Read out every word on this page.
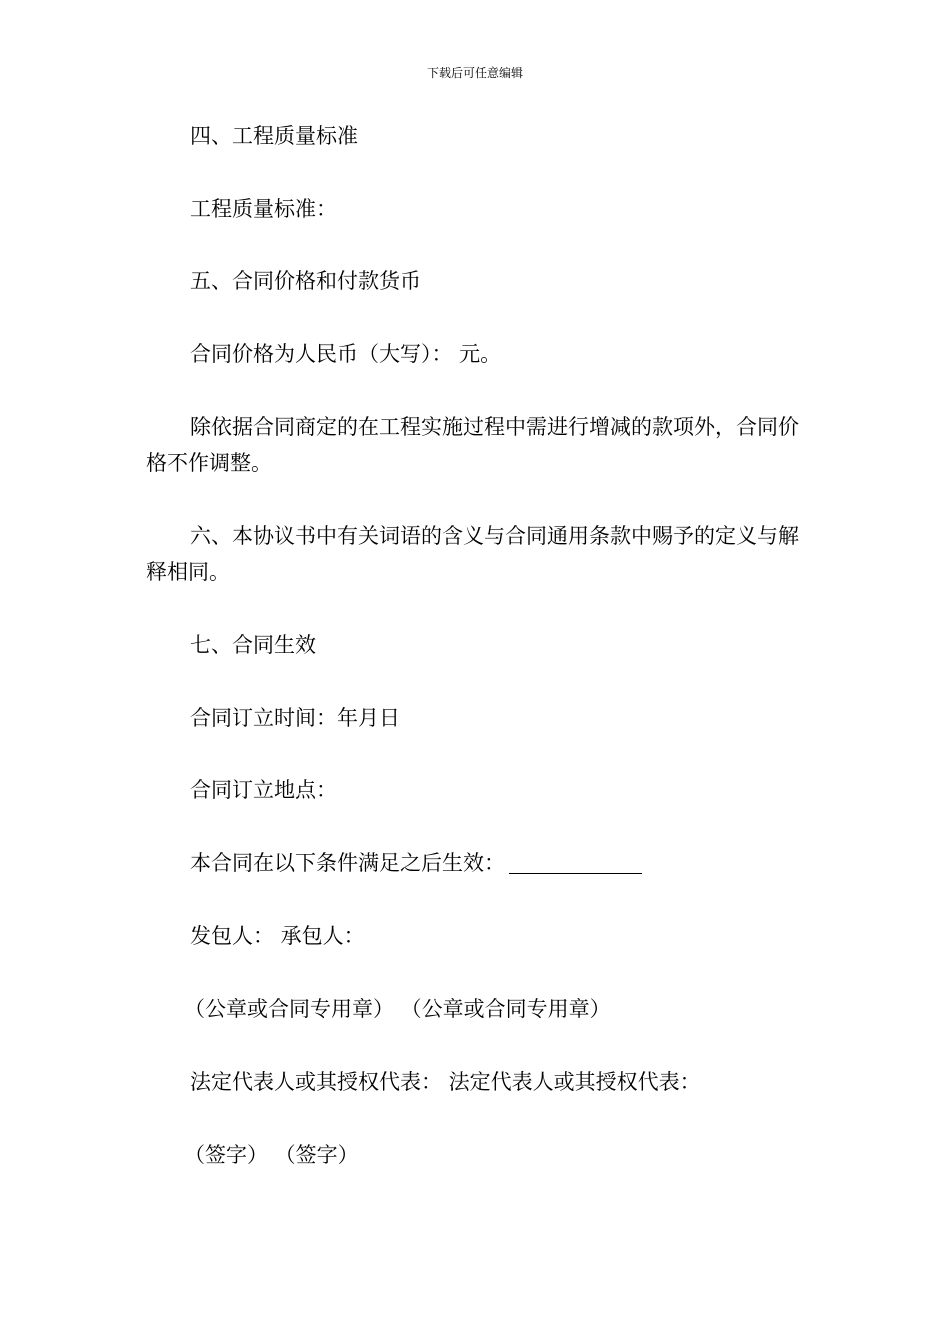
下载后可任意编辑

四、工程质量标准

工程质量标准：

五、合同价格和付款货币

合同价格为人民币（大写）： 元。

除依据合同商定的在工程实施过程中需进行增减的款项外，合同价格不作调整。

六、本协议书中有关词语的含义与合同通用条款中赐予的定义与解释相同。

七、合同生效

合同订立时间：年月日

合同订立地点：

本合同在以下条件满足之后生效：

发包人： 承包人：

（公章或合同专用章） （公章或合同专用章）

法定代表人或其授权代表： 法定代表人或其授权代表：

（签字） （签字）
